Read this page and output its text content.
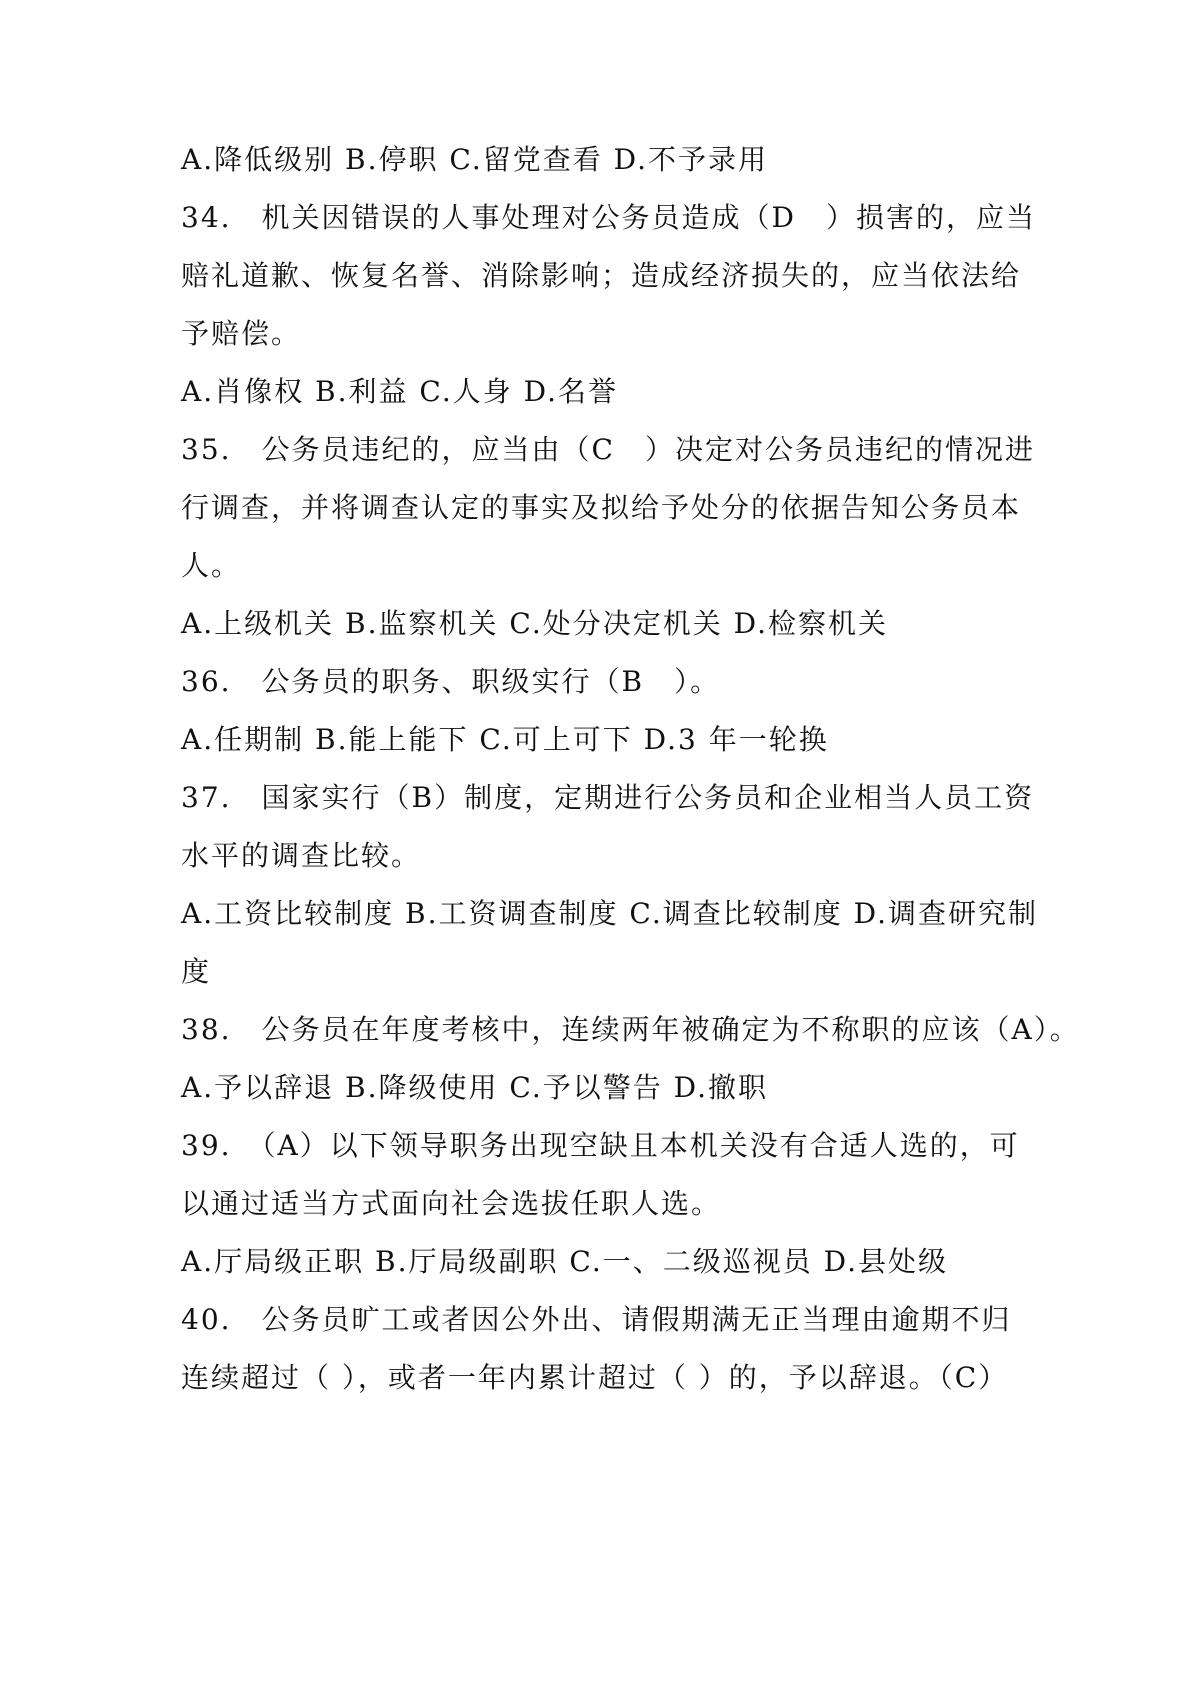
A.降低级别 B.停职 C.留党查看 D.不予录用
34.　机关因错误的人事处理对公务员造成（D　）损害的，应当
赔礼道歉、恢复名誉、消除影响；造成经济损失的，应当依法给
予赔偿。
A.肖像权 B.利益 C.人身 D.名誉
35.　公务员违纪的，应当由（C　）决定对公务员违纪的情况进
行调查，并将调查认定的事实及拟给予处分的依据告知公务员本
人。
A.上级机关 B.监察机关 C.处分决定机关 D.检察机关
36.　公务员的职务、职级实行（B　）。
A.任期制 B.能上能下 C.可上可下 D.3 年一轮换
37.　国家实行（B）制度，定期进行公务员和企业相当人员工资
水平的调查比较。
A.工资比较制度 B.工资调查制度 C.调查比较制度 D.调查研究制
度
38.　公务员在年度考核中，连续两年被确定为不称职的应该（A）。
A.予以辞退 B.降级使用 C.予以警告 D.撤职
39.　（A）以下领导职务出现空缺且本机关没有合适人选的，可
以通过适当方式面向社会选拔任职人选。
A.厅局级正职 B.厅局级副职 C.一、二级巡视员 D.县处级
40.　公务员旷工或者因公外出、请假期满无正当理由逾期不归
连续超过（ ），或者一年内累计超过（ ）的，予以辞退。（C）
